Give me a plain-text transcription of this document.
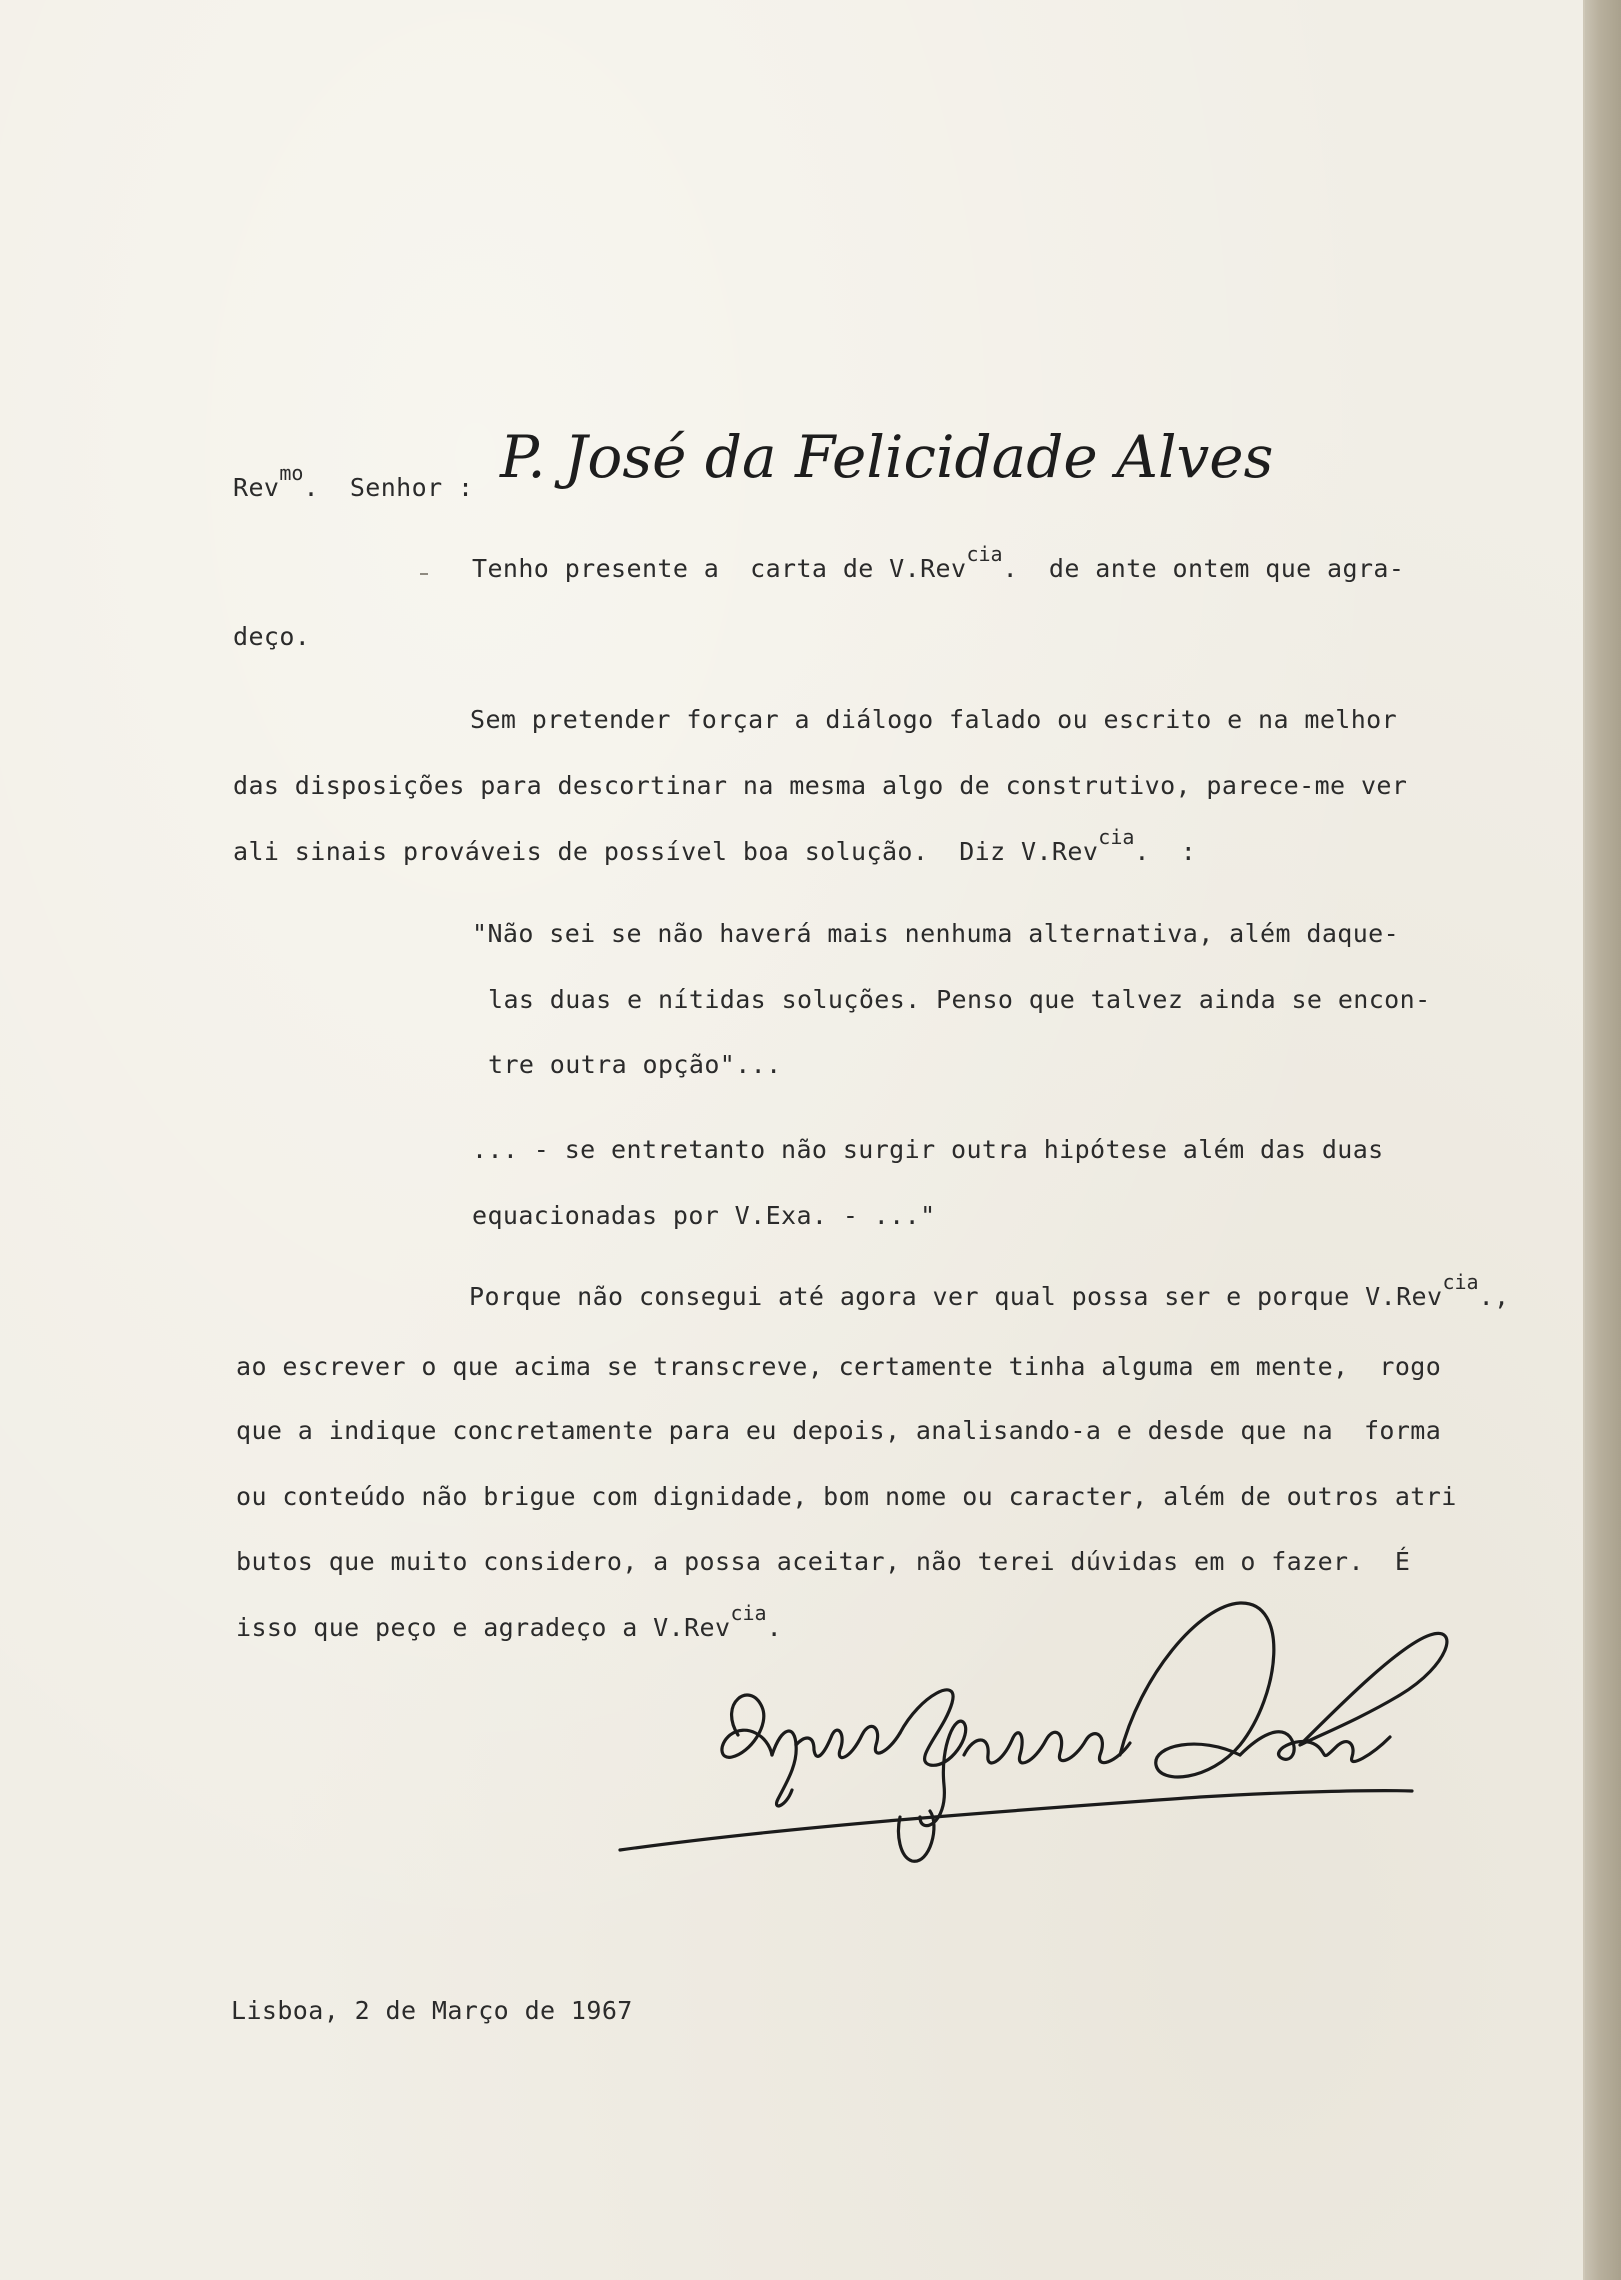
Rev$^{mo}$. Senhor : P. José da Felicidade Alves
Tenho presente a  carta de V.Rev$^{cia}$.  de ante ontem que agra-
deço.
Sem pretender forçar a diálogo falado ou escrito e na melhor
das disposições para descortinar na mesma algo de construtivo, parece-me ver
ali sinais prováveis de possível boa solução.  Diz V.Rev$^{cia}$.  :
"Não sei se não haverá mais nenhuma alternativa, além daque-
las duas e nítidas soluções. Penso que talvez ainda se encon-
tre outra opção"...
... - se entretanto não surgir outra hipótese além das duas
equacionadas por V.Exa. - ..."
Porque não consegui até agora ver qual possa ser e porque V.Rev$^{cia}$.,
ao escrever o que acima se transcreve, certamente tinha alguma em mente,  rogo
que a indique concretamente para eu depois, analisando-a e desde que na  forma
ou conteúdo não brigue com dignidade, bom nome ou caracter, além de outros atri
butos que muito considero, a possa aceitar, não terei dúvidas em o fazer.  É
isso que peço e agradeço a V.Rev$^{cia}$.
Lisboa, 2 de Março de 1967
